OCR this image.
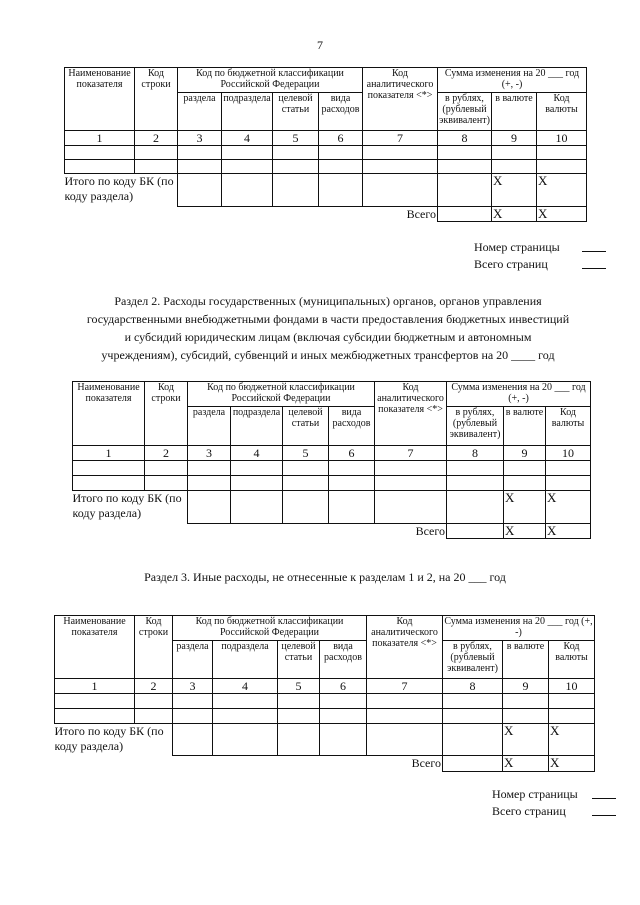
7
Наименование показателя	Код строки	Код по бюджетной классификации Российской Федерации				Код аналитического показателя <*>	Сумма изменения на 20 ___ год (+, -)		
		раздела	подраздела	целевой статьи	вида расходов		в рублях, (рублевый эквивалент)	в валюте	Код валюты
1	2	3	4	5	6	7	8	9	10

Итого по коду БК (по коду раздела)								X	X
Всего								X	X
Номер страницы
Всего страниц
Раздел 2. Расходы государственных (муниципальных) органов, органов управления государственными внебюджетными фондами в части предоставления бюджетных инвестиций и субсидий юридическим лицам (включая субсидии бюджетным и автономным учреждениям), субсидий, субвенций и иных межбюджетных трансфертов на 20 ____ год
Наименование показателя	Код строки	Код по бюджетной классификации Российской Федерации				Код аналитического показателя <*>	Сумма изменения на 20 ___ год (+, -)		
		раздела	подраздела	целевой статьи	вида расходов		в рублях, (рублевый эквивалент)	в валюте	Код валюты
1	2	3	4	5	6	7	8	9	10

Итого по коду БК (по коду раздела)								X	X
Всего								X	X
Раздел 3. Иные расходы, не отнесенные к разделам 1 и 2, на 20 ___ год
Наименование показателя	Код строки	Код по бюджетной классификации Российской Федерации				Код аналитического показателя <*>	Сумма изменения на 20 ___ год (+, -)		
		раздела	подраздела	целевой статьи	вида расходов		в рублях, (рублевый эквивалент)	в валюте	Код валюты
1	2	3	4	5	6	7	8	9	10

Итого по коду БК (по коду раздела)								X	X
Всего								X	X
Номер страницы
Всего страниц
